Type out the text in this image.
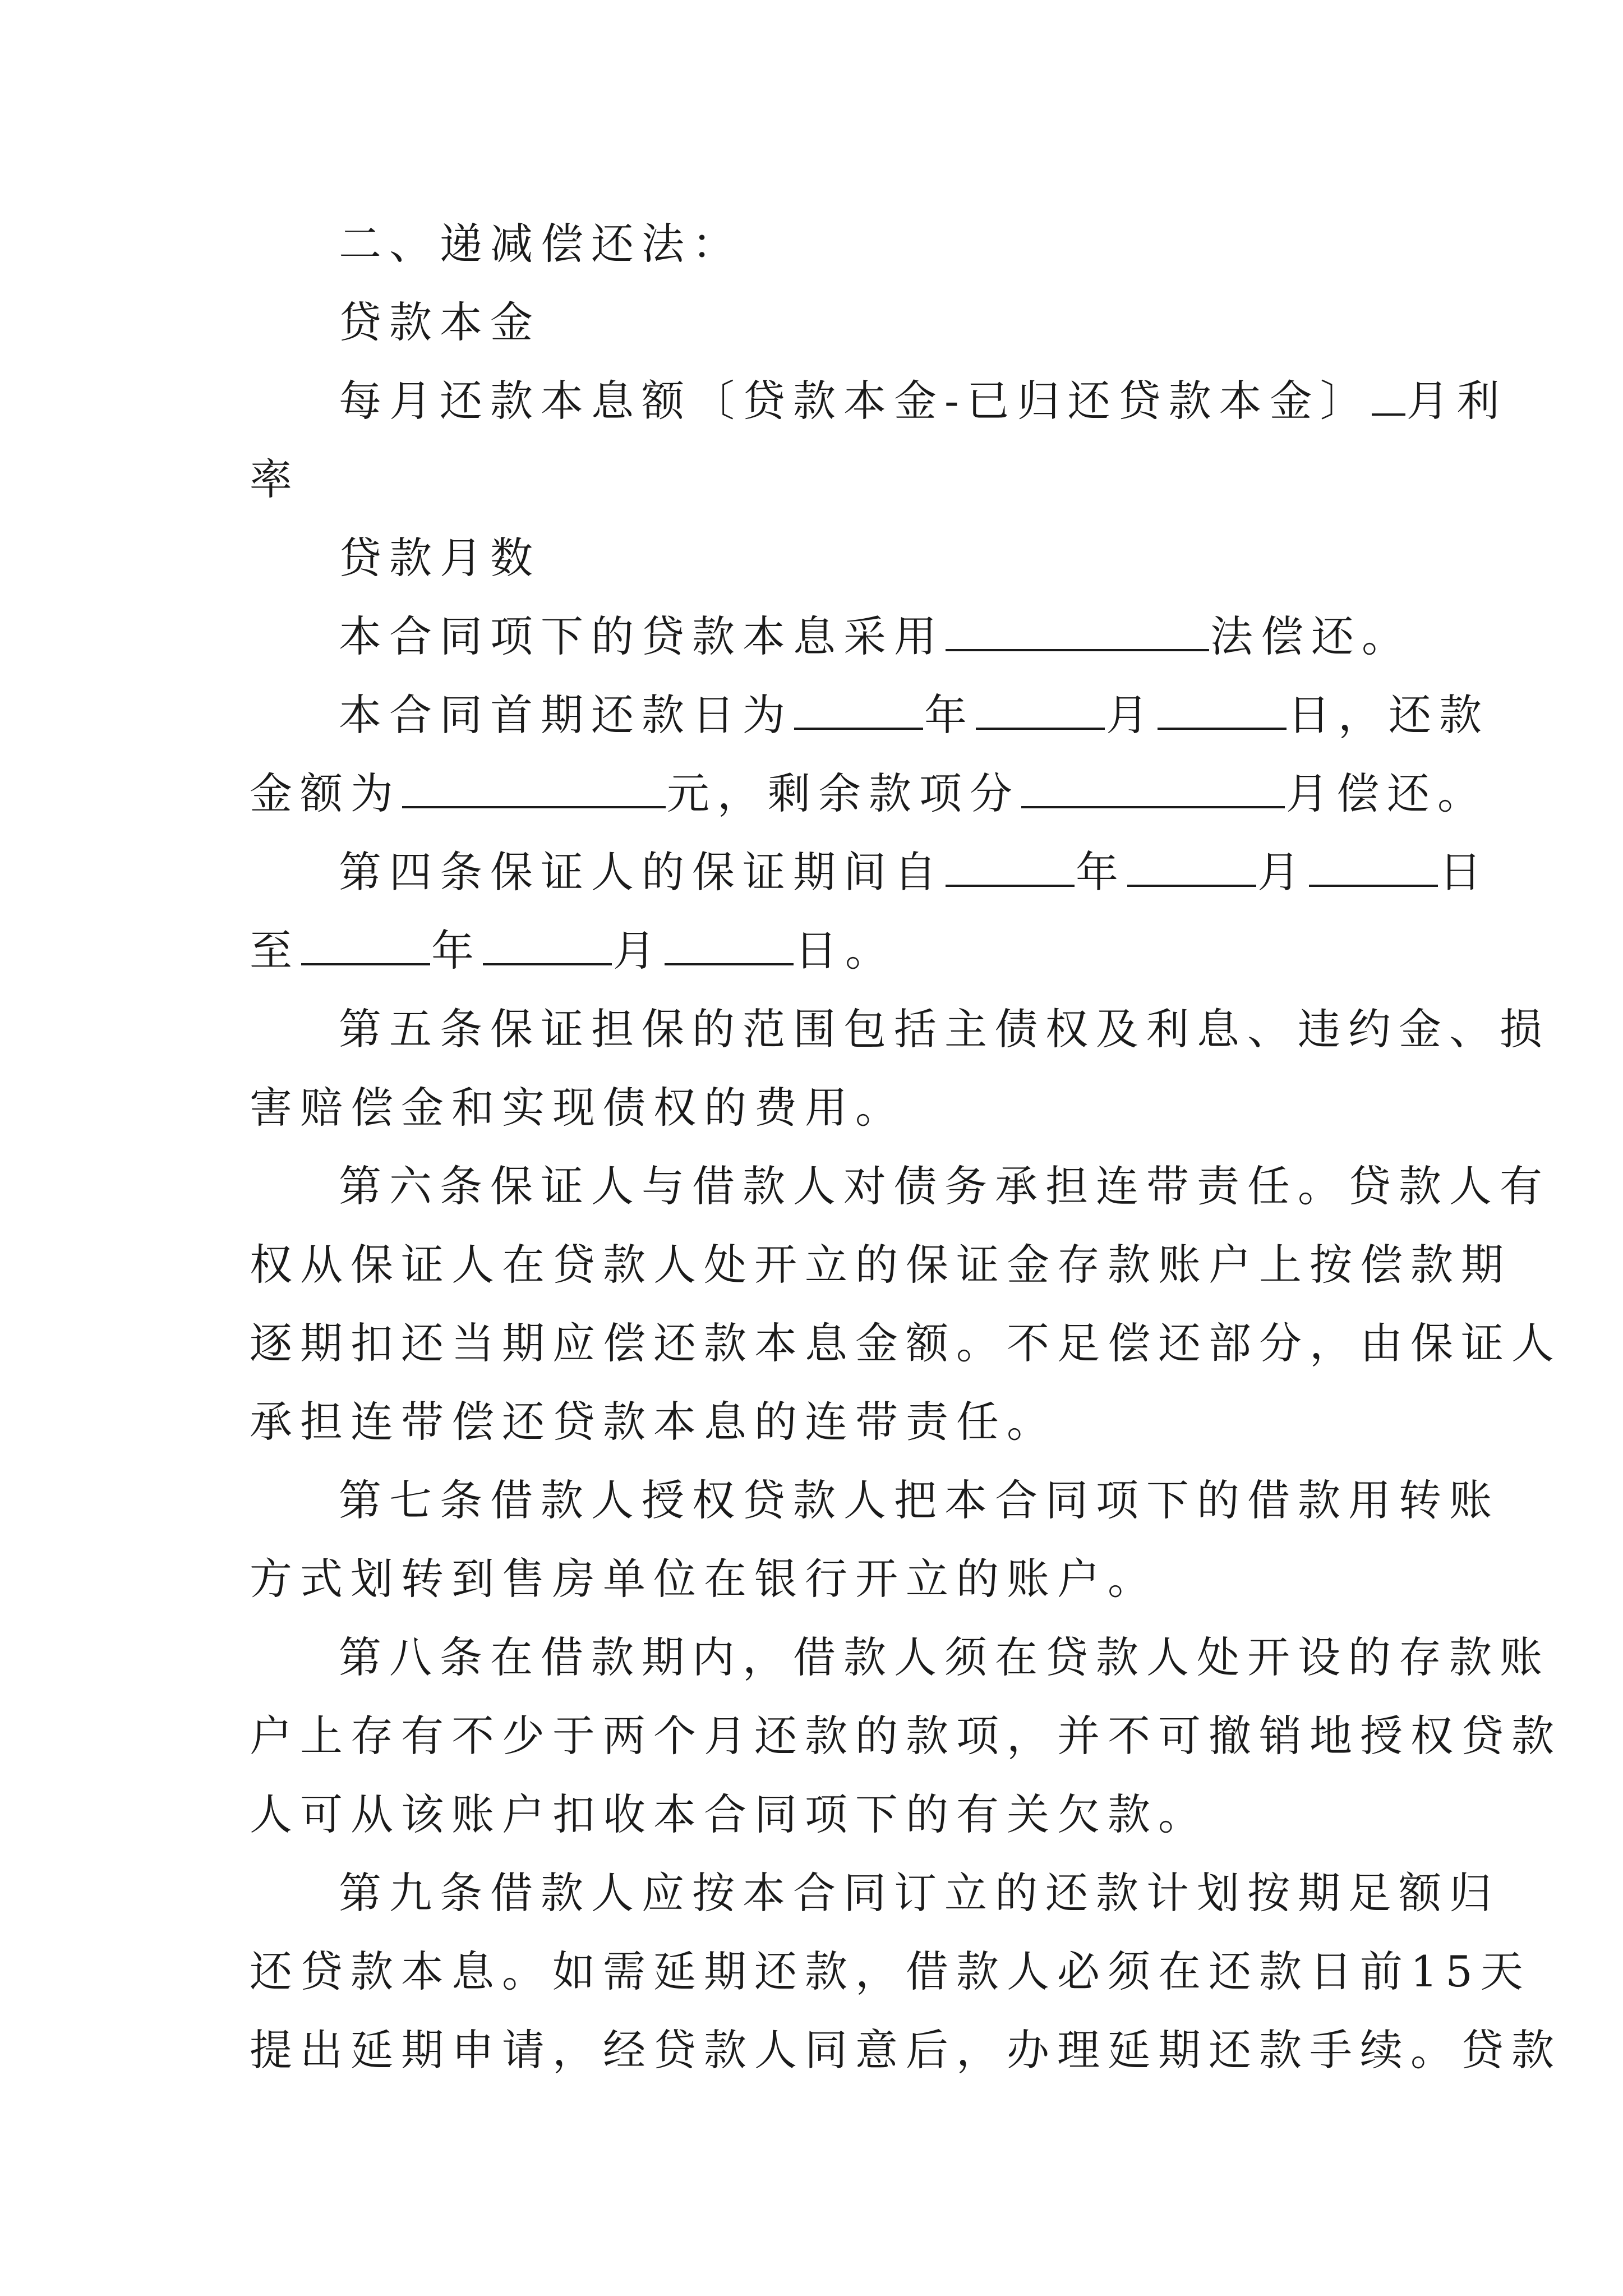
二、递减偿还法：
贷款本金
每月还款本息额〔贷款本金-已归还贷款本金〕 月利
率
贷款月数
本合同项下的贷款本息采用	法偿还。
本合同首期还款日为	年	月	日，还款
金额为	元，剩余款项分	月偿还。
第四条保证人的保证期间自	年	月	日
至	年	月	日。
第五条保证担保的范围包括主债权及利息、违约金、损
害赔偿金和实现债权的费用。
第六条保证人与借款人对债务承担连带责任。贷款人有
权从保证人在贷款人处开立的保证金存款账户上按偿款期
逐期扣还当期应偿还款本息金额。不足偿还部分，由保证人
承担连带偿还贷款本息的连带责任。
第七条借款人授权贷款人把本合同项下的借款用转账
方式划转到售房单位在银行开立的账户。
第八条在借款期内，借款人须在贷款人处开设的存款账
户上存有不少于两个月还款的款项，并不可撤销地授权贷款
人可从该账户扣收本合同项下的有关欠款。
第九条借款人应按本合同订立的还款计划按期足额归
还贷款本息。如需延期还款，借款人必须在还款日前15天
提出延期申请，经贷款人同意后，办理延期还款手续。贷款
